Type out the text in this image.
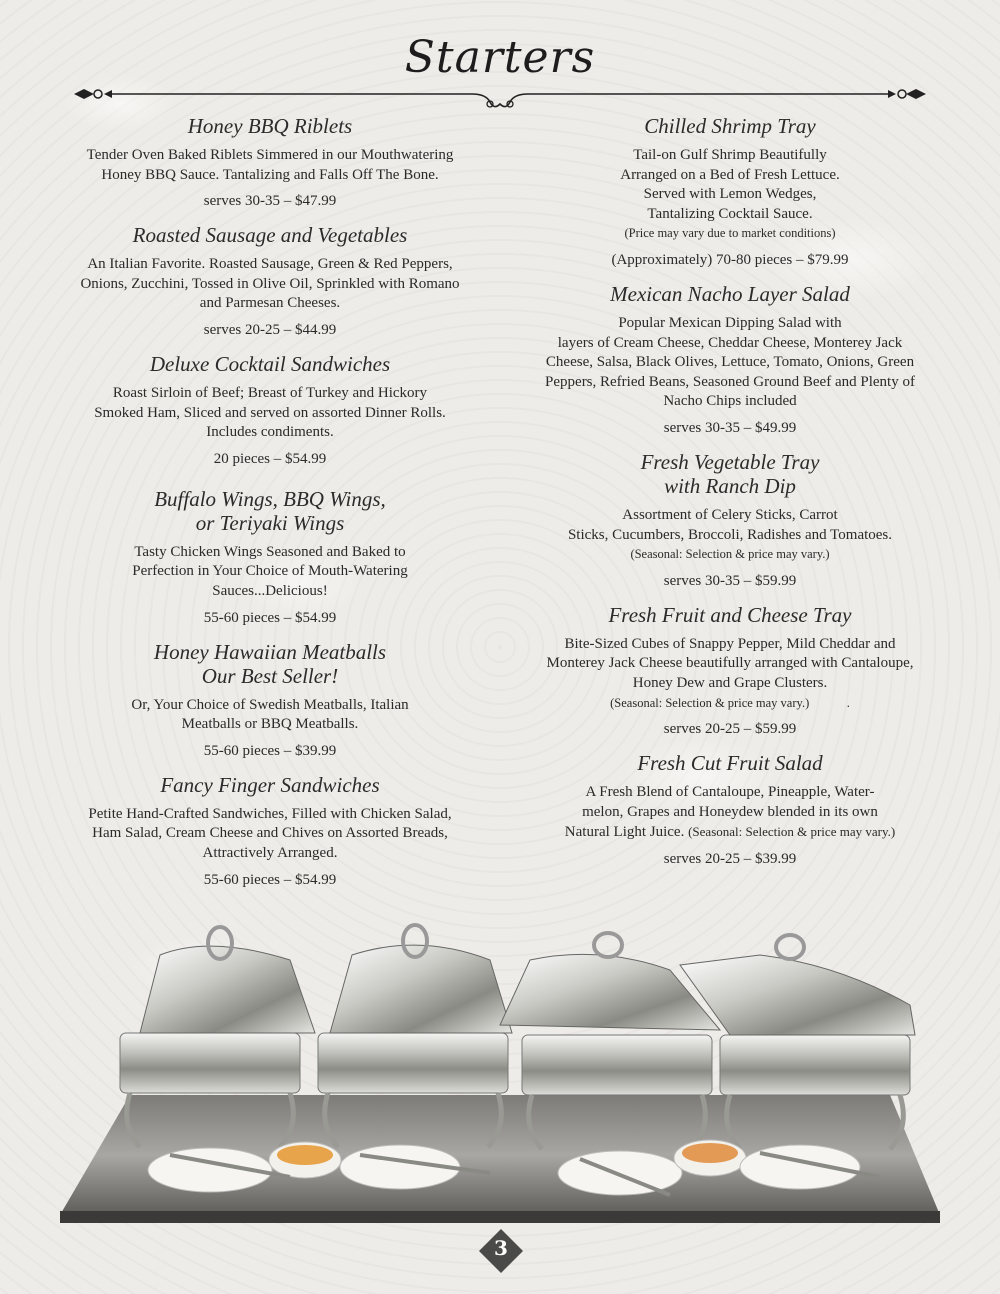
Starters
Honey BBQ Riblets
Tender Oven Baked Riblets Simmered in our Mouthwatering
Honey BBQ Sauce. Tantalizing and Falls Off The Bone.
serves 30-35 – $47.99
Roasted Sausage and Vegetables
An Italian Favorite. Roasted Sausage, Green & Red Peppers,
Onions, Zucchini, Tossed in Olive Oil, Sprinkled with Romano
and Parmesan Cheeses.
serves 20-25 – $44.99
Deluxe Cocktail Sandwiches
Roast Sirloin of Beef; Breast of Turkey and Hickory
Smoked Ham, Sliced and served on assorted Dinner Rolls.
Includes condiments.
20 pieces – $54.99
Buffalo Wings, BBQ Wings,
or Teriyaki Wings
Tasty Chicken Wings Seasoned and Baked to
Perfection in Your Choice of Mouth-Watering
Sauces...Delicious!
55-60 pieces – $54.99
Honey Hawaiian Meatballs
Our Best Seller!
Or, Your Choice of Swedish Meatballs, Italian
Meatballs or BBQ Meatballs.
55-60 pieces – $39.99
Fancy Finger Sandwiches
Petite Hand-Crafted Sandwiches, Filled with Chicken Salad,
Ham Salad, Cream Cheese and Chives on Assorted Breads,
Attractively Arranged.
55-60 pieces – $54.99
Chilled Shrimp Tray
Tail-on Gulf Shrimp Beautifully
Arranged on a Bed of Fresh Lettuce.
Served with Lemon Wedges,
Tantalizing Cocktail Sauce.
(Price may vary due to market conditions)
(Approximately) 70-80 pieces – $79.99
Mexican Nacho Layer Salad
Popular Mexican Dipping Salad with
layers of Cream Cheese, Cheddar Cheese, Monterey Jack
Cheese, Salsa, Black Olives, Lettuce, Tomato, Onions, Green
Peppers, Refried Beans, Seasoned Ground Beef and Plenty of
Nacho Chips included
serves 30-35 – $49.99
Fresh Vegetable Tray
with Ranch Dip
Assortment of Celery Sticks, Carrot
Sticks, Cucumbers, Broccoli, Radishes and Tomatoes.
(Seasonal: Selection & price may vary.)
serves 30-35 – $59.99
Fresh Fruit and Cheese Tray
Bite-Sized Cubes of Snappy Pepper, Mild Cheddar and
Monterey Jack Cheese beautifully arranged with Cantaloupe,
Honey Dew and Grape Clusters.
(Seasonal: Selection & price may vary.)            .
serves 20-25 – $59.99
Fresh Cut Fruit Salad
A Fresh Blend of Cantaloupe, Pineapple, Water-
melon, Grapes and Honeydew blended in its own
Natural Light Juice. (Seasonal: Selection & price may vary.)
serves 20-25 – $39.99
3
